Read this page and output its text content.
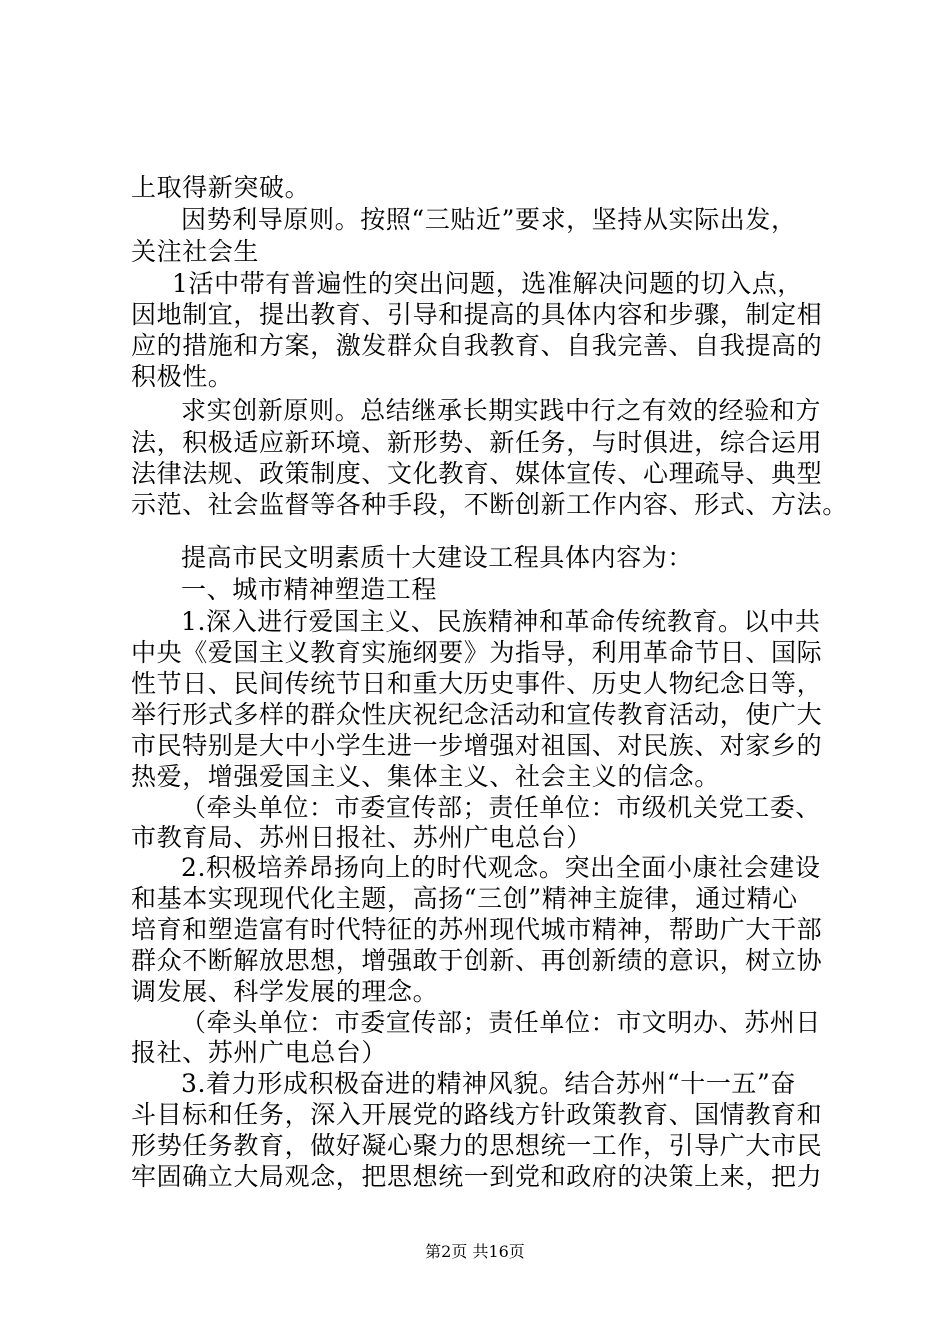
上取得新突破。

因势利导原则。按照“三贴近”要求，坚持从实际出发，

关注社会生

1活中带有普遍性的突出问题，选准解决问题的切入点，

因地制宜，提出教育、引导和提高的具体内容和步骤，制定相

应的措施和方案，激发群众自我教育、自我完善、自我提高的

积极性。

求实创新原则。总结继承长期实践中行之有效的经验和方

法，积极适应新环境、新形势、新任务，与时俱进，综合运用

法律法规、政策制度、文化教育、媒体宣传、心理疏导、典型

示范、社会监督等各种手段，不断创新工作内容、形式、方法。

提高市民文明素质十大建设工程具体内容为：

一、城市精神塑造工程

1.深入进行爱国主义、民族精神和革命传统教育。以中共

中央《爱国主义教育实施纲要》为指导，利用革命节日、国际

性节日、民间传统节日和重大历史事件、历史人物纪念日等，

举行形式多样的群众性庆祝纪念活动和宣传教育活动，使广大

市民特别是大中小学生进一步增强对祖国、对民族、对家乡的

热爱，增强爱国主义、集体主义、社会主义的信念。

（牵头单位：市委宣传部；责任单位：市级机关党工委、

市教育局、苏州日报社、苏州广电总台）

2.积极培养昂扬向上的时代观念。突出全面小康社会建设

和基本实现现代化主题，高扬“三创”精神主旋律，通过精心

培育和塑造富有时代特征的苏州现代城市精神，帮助广大干部

群众不断解放思想，增强敢于创新、再创新绩的意识，树立协

调发展、科学发展的理念。

（牵头单位：市委宣传部；责任单位：市文明办、苏州日

报社、苏州广电总台）

3.着力形成积极奋进的精神风貌。结合苏州“十一五”奋

斗目标和任务，深入开展党的路线方针政策教育、国情教育和

形势任务教育，做好凝心聚力的思想统一工作，引导广大市民

牢固确立大局观念，把思想统一到党和政府的决策上来，把力

第2页 共16页
